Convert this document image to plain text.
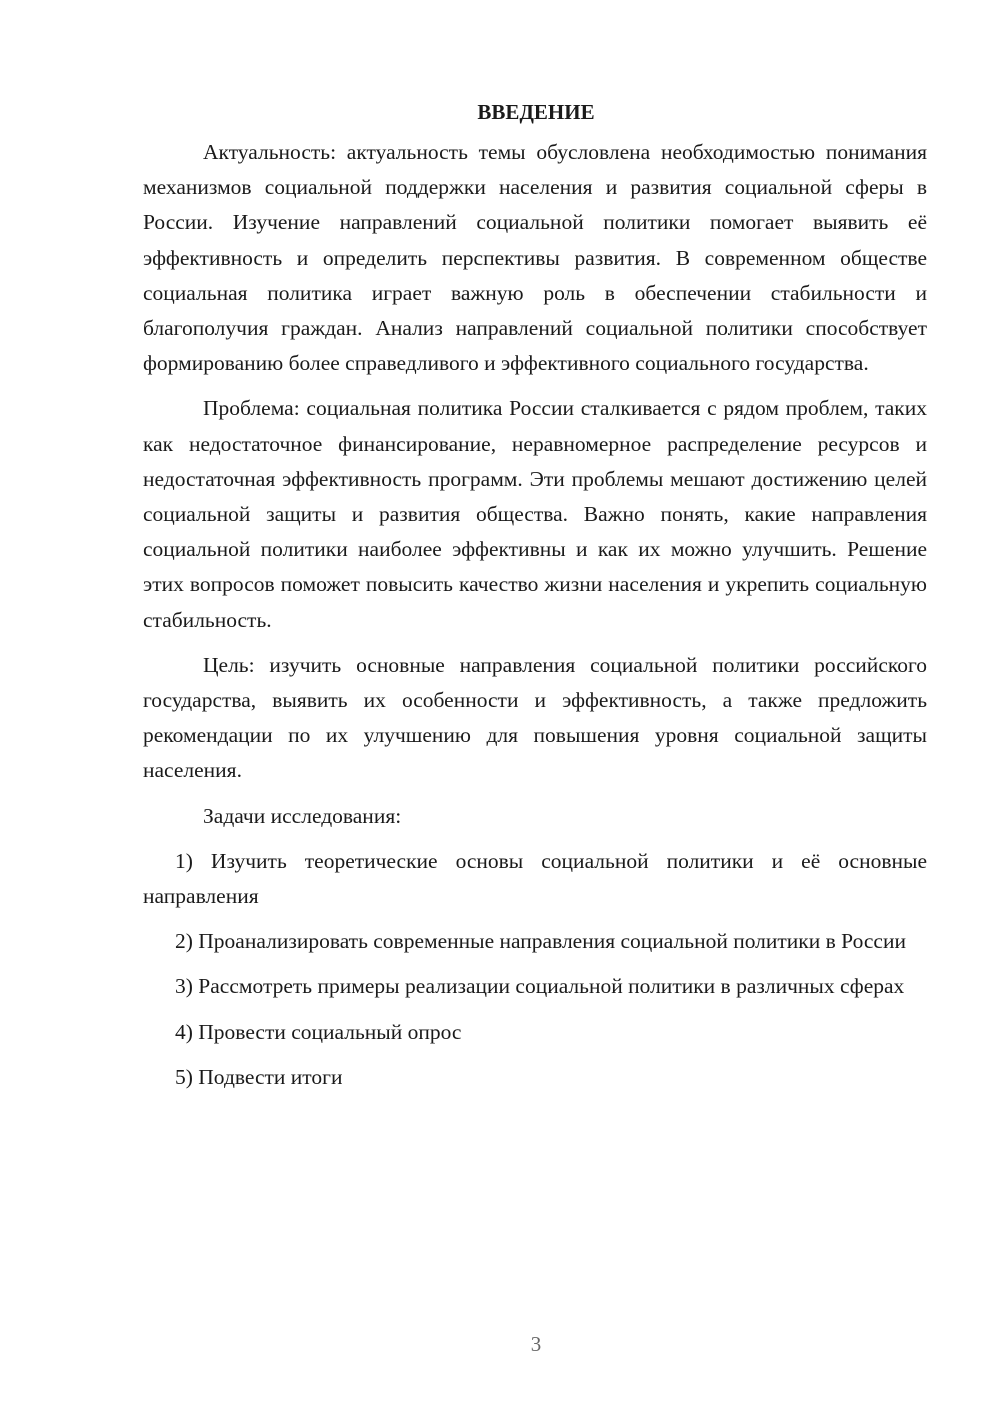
ВВЕДЕНИЕ

Актуальность: актуальность темы обусловлена необходимостью понимания механизмов социальной поддержки населения и развития социальной сферы в России. Изучение направлений социальной политики помогает выявить её эффективность и определить перспективы развития. В современном обществе социальная политика играет важную роль в обеспечении стабильности и благополучия граждан. Анализ направлений социальной политики способствует формированию более справедливого и эффективного социального государства.

Проблема: социальная политика России сталкивается с рядом проблем, таких как недостаточное финансирование, неравномерное распределение ресурсов и недостаточная эффективность программ. Эти проблемы мешают достижению целей социальной защиты и развития общества. Важно понять, какие направления социальной политики наиболее эффективны и как их можно улучшить. Решение этих вопросов поможет повысить качество жизни населения и укрепить социальную стабильность.

Цель: изучить основные направления социальной политики российского государства, выявить их особенности и эффективность, а также предложить рекомендации по их улучшению для повышения уровня социальной защиты населения.

Задачи исследования:

1) Изучить теоретические основы социальной политики и её основные направления

2) Проанализировать современные направления социальной политики в России

3) Рассмотреть примеры реализации социальной политики в различных сферах

4) Провести социальный опрос

5) Подвести итоги

3
